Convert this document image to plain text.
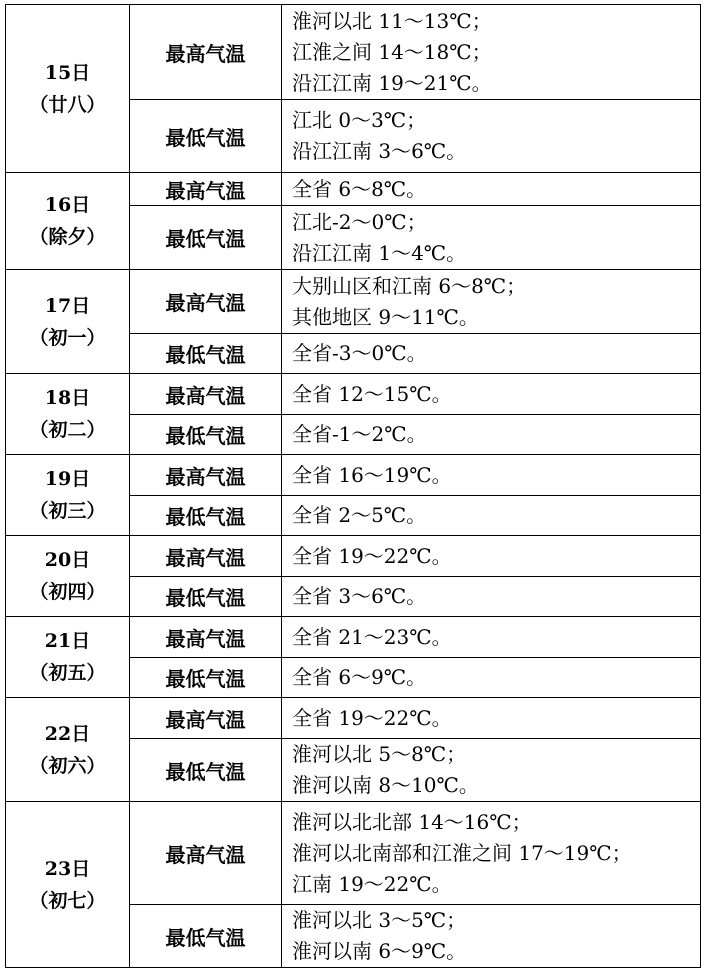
15日
（廿八）	最高气温	淮河以北 11～13℃；
江淮之间 14～18℃；
沿江江南 19～21℃。

	最低气温	江北 0～3℃；
沿江江南 3～6℃。

16日
（除夕）	最高气温	全省 6～8℃。

	最低气温	江北-2～0℃；
沿江江南 1～4℃。

17日
（初一）	最高气温	大别山区和江南 6～8℃；
其他地区 9～11℃。

	最低气温	全省-3～0℃。

18日
（初二）	最高气温	全省 12～15℃。

	最低气温	全省-1～2℃。

19日
（初三）	最高气温	全省 16～19℃。

	最低气温	全省 2～5℃。

20日
（初四）	最高气温	全省 19～22℃。

	最低气温	全省 3～6℃。

21日
（初五）	最高气温	全省 21～23℃。

	最低气温	全省 6～9℃。

22日
（初六）	最高气温	全省 19～22℃。

	最低气温	淮河以北 5～8℃；
淮河以南 8～10℃。

23日
（初七）	最高气温	淮河以北北部 14～16℃；
淮河以北南部和江淮之间 17～19℃；
江南 19～22℃。

	最低气温	淮河以北 3～5℃；
淮河以南 6～9℃。
